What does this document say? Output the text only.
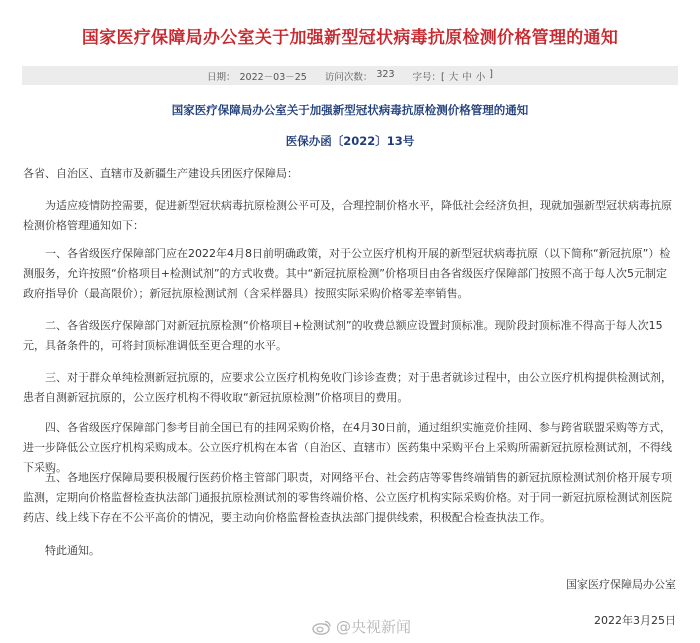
国家医疗保障局办公室关于加强新型冠状病毒抗原检测价格管理的通知
日期： 2022－03－25 访问次数： 323 字号：[ 大 中 小 ]
国家医疗保障局办公室关于加强新型冠状病毒抗原检测价格管理的通知
医保办函〔2022〕13号
各省、自治区、直辖市及新疆生产建设兵团医疗保障局：
为适应疫情防控需要，促进新型冠状病毒抗原检测公平可及，合理控制价格水平，降低社会经济负担，现就加强新型冠状病毒抗原检测价格管理通知如下：
一、各省级医疗保障部门应在2022年4月8日前明确政策，对于公立医疗机构开展的新型冠状病毒抗原（以下简称“新冠抗原”）检测服务，允许按照“价格项目+检测试剂”的方式收费。其中“新冠抗原检测”价格项目由各省级医疗保障部门按照不高于每人次5元制定政府指导价（最高限价）；新冠抗原检测试剂（含采样器具）按照实际采购价格零差率销售。
二、各省级医疗保障部门对新冠抗原检测“价格项目+检测试剂”的收费总额应设置封顶标准。现阶段封顶标准不得高于每人次15元，具备条件的，可将封顶标准调低至更合理的水平。
三、对于群众单纯检测新冠抗原的，应要求公立医疗机构免收门诊诊查费；对于患者就诊过程中，由公立医疗机构提供检测试剂，患者自测新冠抗原的，公立医疗机构不得收取“新冠抗原检测”价格项目的费用。
四、各省级医疗保障部门参考目前全国已有的挂网采购价格，在4月30日前，通过组织实施竞价挂网、参与跨省联盟采购等方式，进一步降低公立医疗机构采购成本。公立医疗机构在本省（自治区、直辖市）医药集中采购平台上采购所需新冠抗原检测试剂，不得线下采购。
五、各地医疗保障局要积极履行医药价格主管部门职责，对网络平台、社会药店等零售终端销售的新冠抗原检测试剂价格开展专项监测，定期向价格监督检查执法部门通报抗原检测试剂的零售终端价格、公立医疗机构实际采购价格。对于同一新冠抗原检测试剂医院药店、线上线下存在不公平高价的情况，要主动向价格监督检查执法部门提供线索，积极配合检查执法工作。
特此通知。
国家医疗保障局办公室
2022年3月25日
@央视新闻
